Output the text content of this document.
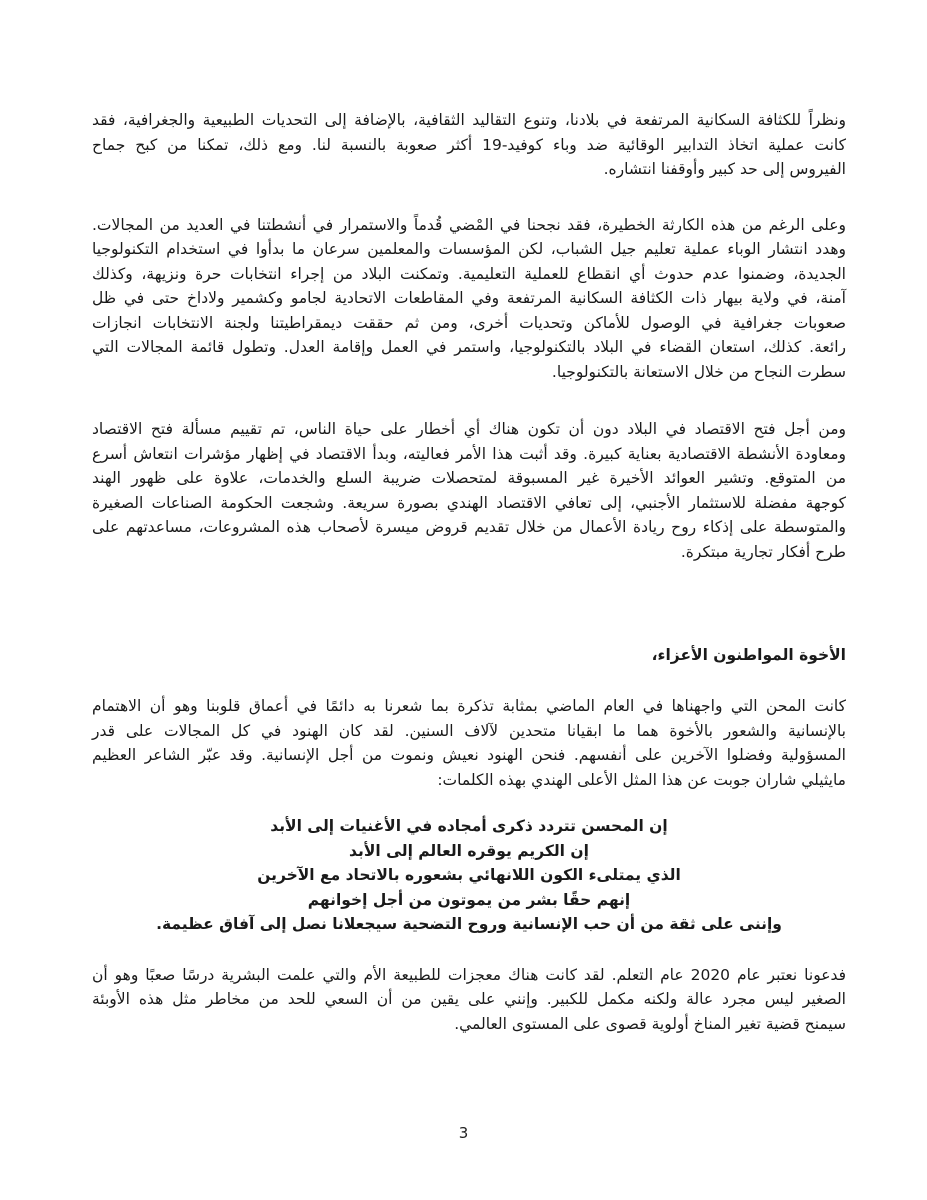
ونظراً للكثافة السكانية المرتفعة في بلادنا، وتنوع التقاليد الثقافية، بالإضافة إلى التحديات الطبيعية والجغرافية، فقد
كانت عملية اتخاذ التدابير الوقائية ضد وباء كوفيد-19 أكثر صعوبة بالنسبة لنا. ومع ذلك، تمكنا من كبح جماح
الفيروس إلى حد كبير وأوقفنا انتشاره.
وعلى الرغم من هذه الكارثة الخطيرة، فقد نجحنا في المْضي قُدماً والاستمرار في أنشطتنا في العديد من المجالات.
وهدد انتشار الوباء عملية تعليم جيل الشباب، لكن المؤسسات والمعلمين سرعان ما بدأوا في استخدام التكنولوجيا
الجديدة، وضمنوا عدم حدوث أي انقطاع للعملية التعليمية. وتمكنت البلاد من إجراء انتخابات حرة ونزيهة، وكذلك
آمنة، في ولاية بيهار ذات الكثافة السكانية المرتفعة وفي المقاطعات الاتحادية لجامو وكشمير ولاداخ حتى في ظل
صعوبات جغرافية في الوصول للأماكن وتحديات أخرى، ومن ثم حققت ديمقراطيتنا ولجنة الانتخابات انجازات
رائعة. كذلك، استعان القضاء في البلاد بالتكنولوجيا، واستمر في العمل وإقامة العدل. وتطول قائمة المجالات التي
سطرت النجاح من خلال الاستعانة بالتكنولوجيا.
ومن أجل فتح الاقتصاد في البلاد دون أن تكون هناك أي أخطار على حياة الناس، تم تقييم مسألة فتح الاقتصاد
ومعاودة الأنشطة الاقتصادية بعناية كبيرة. وقد أثبت هذا الأمر فعاليته، وبدأ الاقتصاد في إظهار مؤشرات انتعاش أسرع
من المتوقع. وتشير العوائد الأخيرة غير المسبوقة لمتحصلات ضريبة السلع والخدمات، علاوة على ظهور الهند
كوجهة مفضلة للاستثمار الأجنبي، إلى تعافي الاقتصاد الهندي بصورة سريعة. وشجعت الحكومة الصناعات الصغيرة
والمتوسطة على إذكاء روح ريادة الأعمال من خلال تقديم قروض ميسرة لأصحاب هذه المشروعات، مساعدتهم على
طرح أفكار تجارية مبتكرة.
الأخوة المواطنون الأعزاء،
كانت المحن التي واجهناها في العام الماضي بمثابة تذكرة بما شعرنا به دائمًا في أعماق قلوبنا وهو أن الاهتمام
بالإنسانية والشعور بالأخوة هما ما ابقيانا متحدين لآلاف السنين. لقد كان الهنود في كل المجالات على قدر
المسؤولية وفضلوا الآخرين على أنفسهم. فنحن الهنود نعيش ونموت من أجل الإنسانية. وقد عبّر الشاعر العظيم
مايثيلي شاران جوبت عن هذا المثل الأعلى الهندي بهذه الكلمات:
إن المحسن تتردد ذكرى أمجاده في الأغنيات إلى الأبد
إن الكريم يوقره العالم إلى الأبد
الذي يمتلىء الكون اللانهائي بشعوره بالاتحاد مع الآخرين
إنهم حقًا بشر من يموتون من أجل إخوانهم
وإننى على ثقة من أن حب الإنسانية وروح التضحية سيجعلانا نصل إلى آفاق عظيمة.
فدعونا نعتبر عام 2020 عام التعلم. لقد كانت هناك معجزات للطبيعة الأم والتي علمت البشرية درسًا صعبًا وهو أن
الصغير ليس مجرد عالة ولكنه مكمل للكبير. وإنني على يقين من أن السعي للحد من مخاطر مثل هذه الأوبئة
سيمنح قضية تغير المناخ أولوية قصوى على المستوى العالمي.
3
